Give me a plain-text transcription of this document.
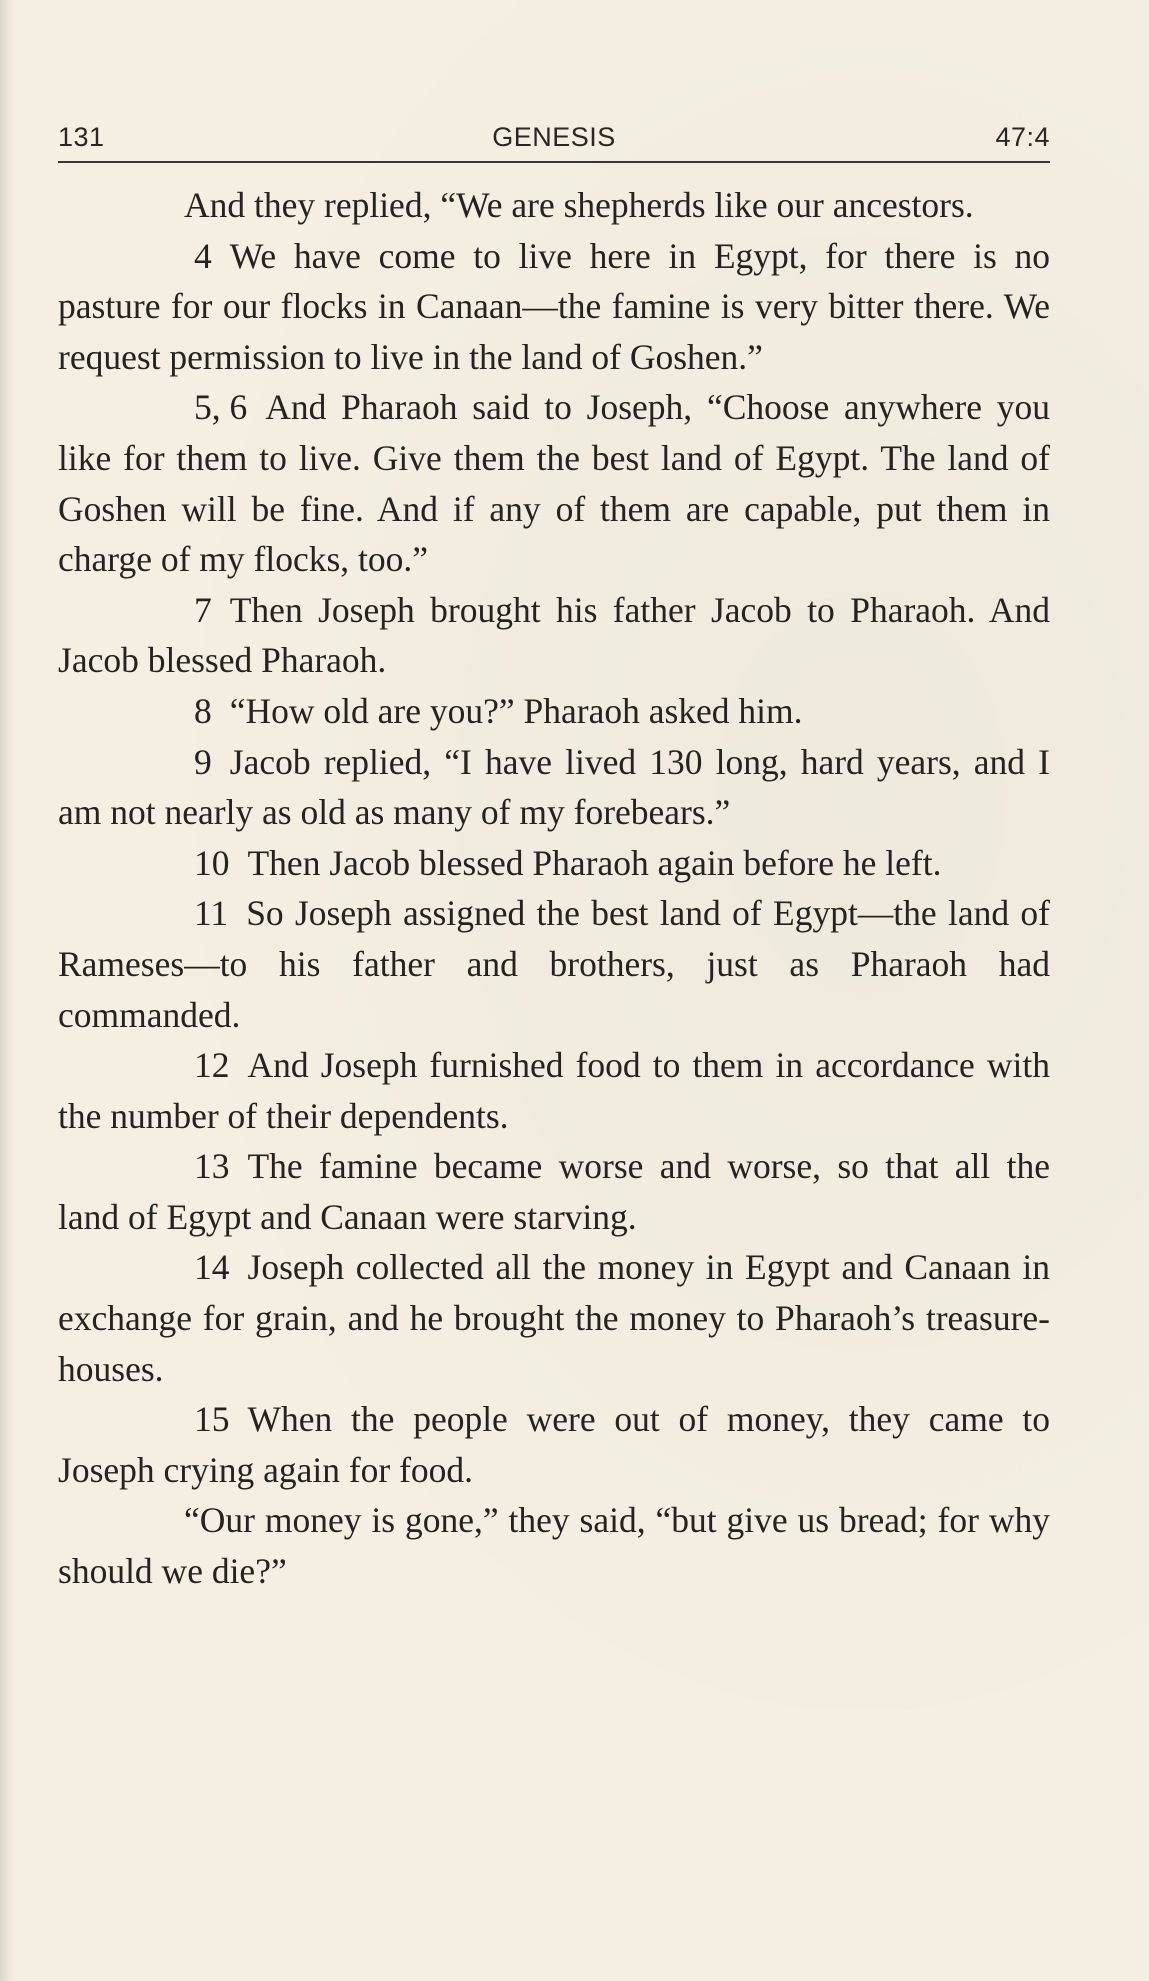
131	GENESIS	47:4

And they replied, “We are shepherds like our ancestors.

4 We have come to live here in Egypt, for there is no pasture for our flocks in Canaan—the famine is very bitter there. We request permission to live in the land of Goshen.”

5, 6 And Pharaoh said to Joseph, “Choose anywhere you like for them to live. Give them the best land of Egypt. The land of Goshen will be fine. And if any of them are capable, put them in charge of my flocks, too.”

7 Then Joseph brought his father Jacob to Pharaoh. And Jacob blessed Pharaoh.

8 “How old are you?” Pharaoh asked him.

9 Jacob replied, “I have lived 130 long, hard years, and I am not nearly as old as many of my forebears.”

10 Then Jacob blessed Pharaoh again before he left.

11 So Joseph assigned the best land of Egypt—the land of Rameses—to his father and brothers, just as Pharaoh had commanded.

12 And Joseph furnished food to them in accordance with the number of their dependents.

13 The famine became worse and worse, so that all the land of Egypt and Canaan were starving.

14 Joseph collected all the money in Egypt and Canaan in exchange for grain, and he brought the money to Pharaoh’s treasure-houses.

15 When the people were out of money, they came to Joseph crying again for food.

“Our money is gone,” they said, “but give us bread; for why should we die?”
